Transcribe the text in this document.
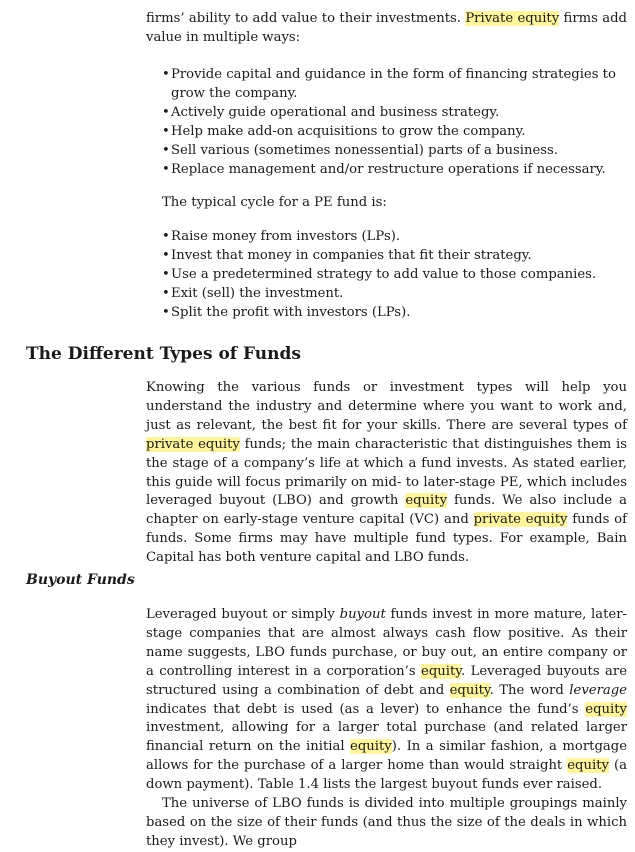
firms’ ability to add value to their investments. Private equity firms add value in multiple ways:

• Provide capital and guidance in the form of financing strategies to grow the company.
• Actively guide operational and business strategy.
• Help make add-on acquisitions to grow the company.
• Sell various (sometimes nonessential) parts of a business.
• Replace management and/or restructure operations if necessary.

The typical cycle for a PE fund is:

• Raise money from investors (LPs).
• Invest that money in companies that fit their strategy.
• Use a predetermined strategy to add value to those companies.
• Exit (sell) the investment.
• Split the profit with investors (LPs).
The Different Types of Funds

Knowing the various funds or investment types will help you understand the industry and determine where you want to work and, just as relevant, the best fit for your skills. There are several types of private equity funds; the main characteristic that distinguishes them is the stage of a company’s life at which a fund invests. As stated earlier, this guide will focus primarily on mid- to later-stage PE, which includes leveraged buyout (LBO) and growth equity funds. We also include a chapter on early-stage venture capital (VC) and private equity funds of funds. Some firms may have multiple fund types. For example, Bain Capital has both venture capital and LBO funds.

Buyout Funds

Leveraged buyout or simply buyout funds invest in more mature, later-stage companies that are almost always cash flow positive. As their name suggests, LBO funds purchase, or buy out, an entire company or a controlling interest in a corporation’s equity. Leveraged buyouts are structured using a combination of debt and equity. The word leverage indicates that debt is used (as a lever) to enhance the fund’s equity investment, allowing for a larger total purchase (and related larger financial return on the initial equity). In a similar fashion, a mortgage allows for the purchase of a larger home than would straight equity (a down payment). Table 1.4 lists the largest buyout funds ever raised.

The universe of LBO funds is divided into multiple groupings mainly based on the size of their funds (and thus the size of the deals in which they invest). We group
